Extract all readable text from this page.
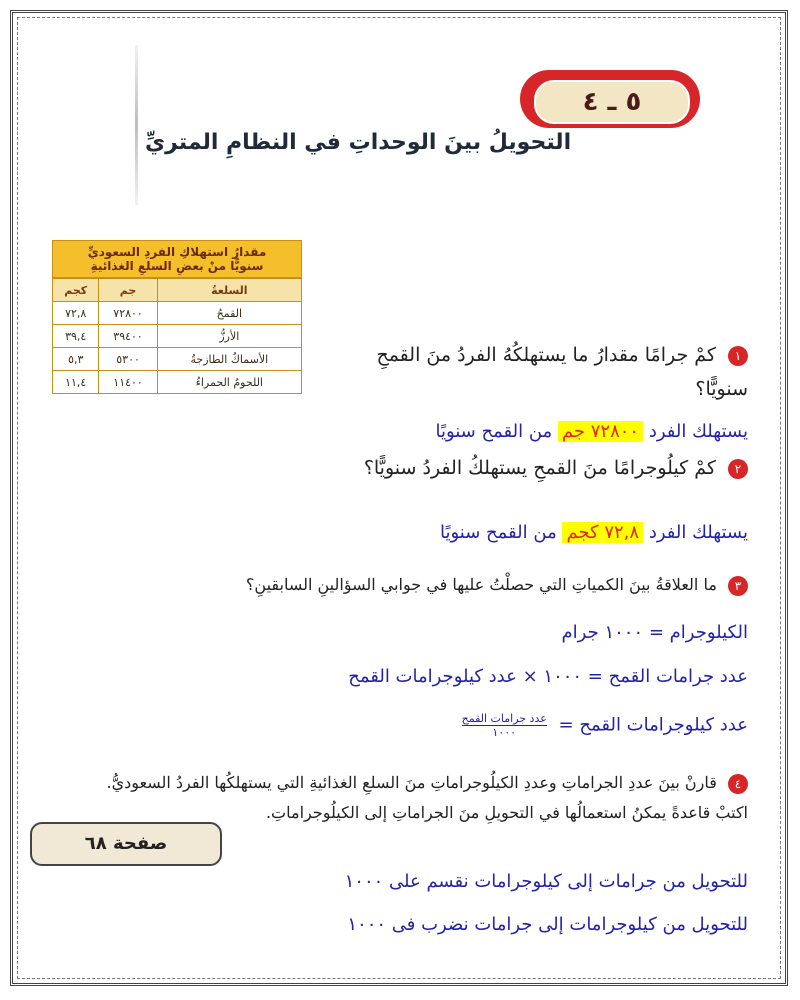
التحويلُ بينَ الوحداتِ في النظامِ المتريِّ
٥ ـ ٤
مقدارُ استهلاكِ الفردِ السعوديِّ
سنويًّا منْ بعضِ السلعِ الغذائيةِ
السلعةُ	جم	كجم
القمحُ	٧٢٨٠٠	٧٢,٨
الأرزُّ	٣٩٤٠٠	٣٩,٤
الأسماكُ الطازجةُ	٥٣٠٠	٥,٣
اللحومُ الحمراءُ	١١٤٠٠	١١,٤
١ كمْ جرامًا مقدارُ ما يستهلكُهُ الفردُ منَ القمحِ سنويًّا؟
يستهلك الفرد ٧٢٨٠٠ جم من القمح سنويًا
٢ كمْ كيلُوجرامًا منَ القمحِ يستهلكُ الفردُ سنويًّا؟
يستهلك الفرد ٧٢,٨ كجم من القمح سنويًا
٣ ما العلاقةُ بينَ الكمياتِ التي حصلْتُ عليها في جوابي السؤالينِ السابقينِ؟
الكيلوجرام = ١٠٠٠ جرام
عدد جرامات القمح = ١٠٠٠ × عدد كيلوجرامات القمح
عدد كيلوجرامات القمح =
عدد جرامات القمح
١٠٠٠
٤ قارنْ بينَ عددِ الجراماتِ وعددِ الكيلُوجراماتِ منَ السلعِ الغذائيةِ التي يستهلكُها الفردُ السعوديُّ. اكتبْ قاعدةً يمكنُ استعمالُها في التحويلِ منَ الجراماتِ إلى الكيلُوجراماتِ.
للتحويل من جرامات إلى كيلوجرامات نقسم على ١٠٠٠
للتحويل من كيلوجرامات إلى جرامات نضرب فى ١٠٠٠
صفحة ٦٨
